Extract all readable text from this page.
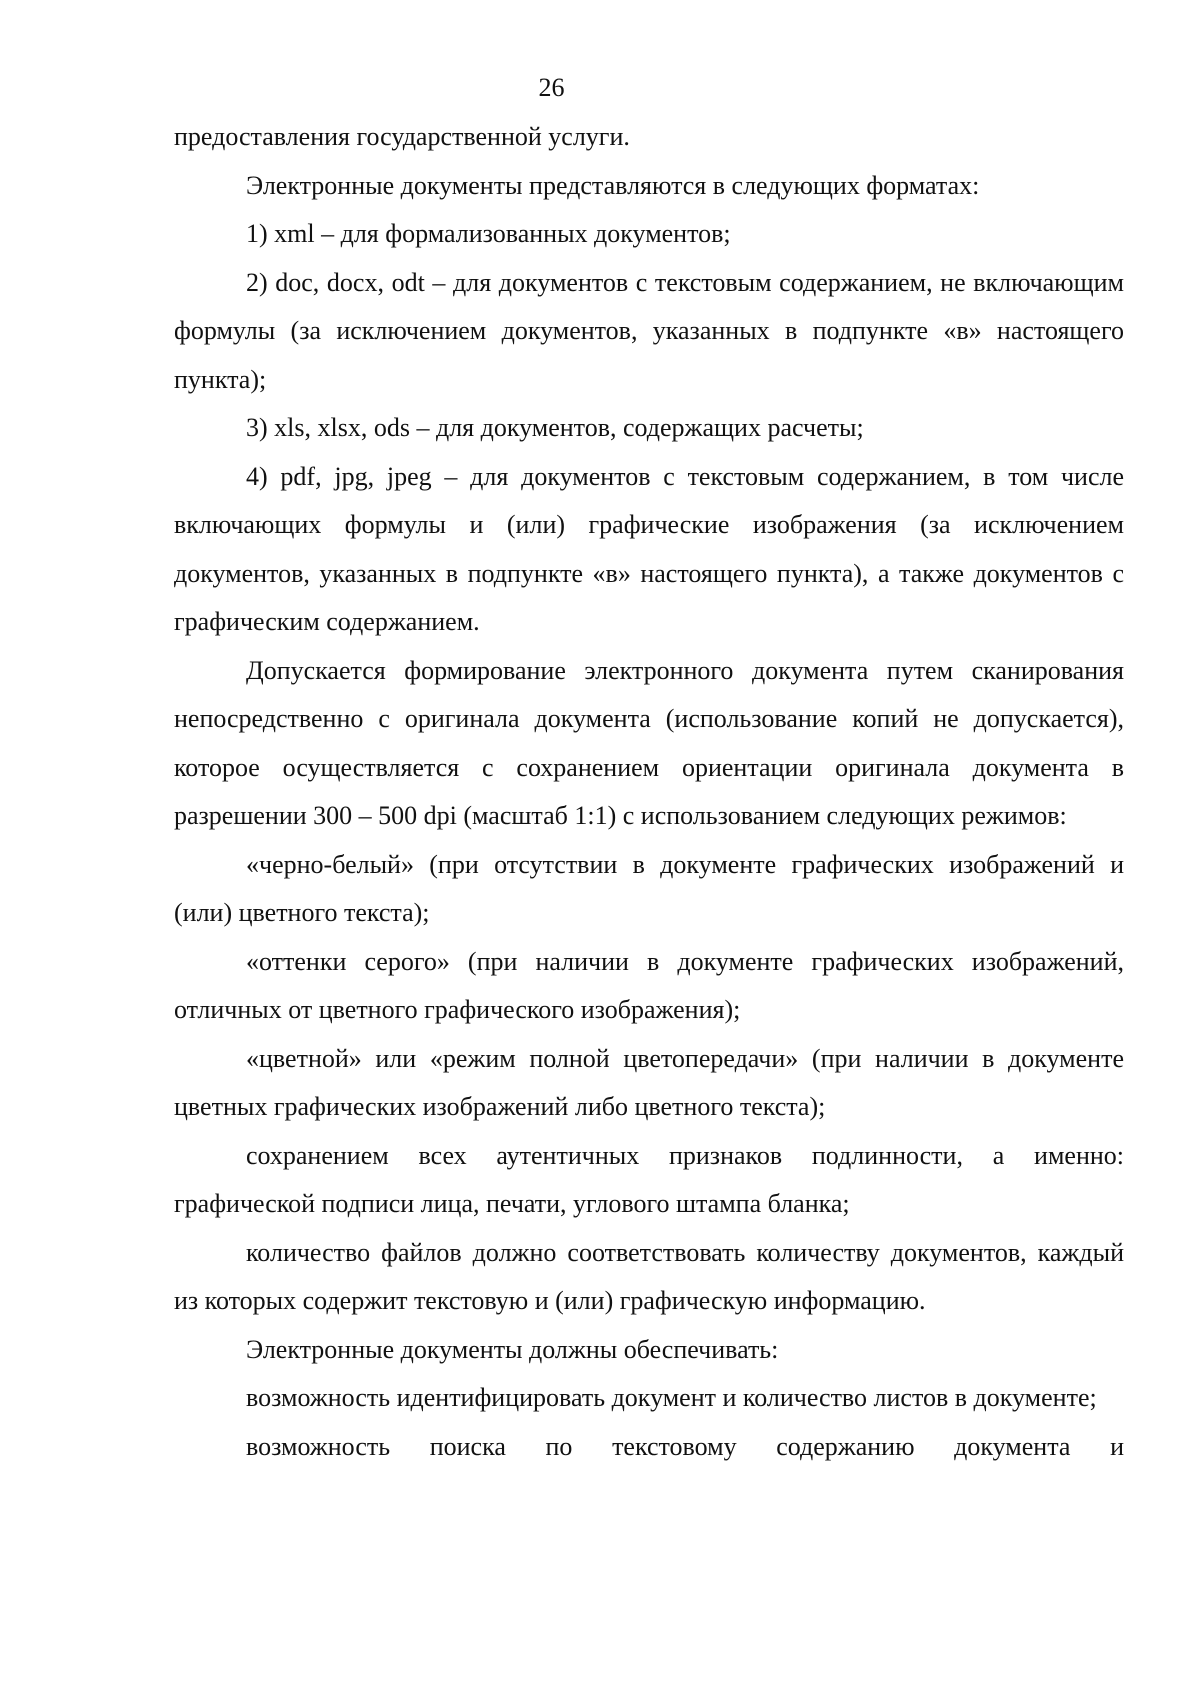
26

предоставления государственной услуги.

Электронные документы представляются в следующих форматах:

1) xml – для формализованных документов;

2) doc, docx, odt – для документов с текстовым содержанием, не включающим формулы (за исключением документов, указанных в подпункте «в» настоящего пункта);

3) xls, xlsx, ods – для документов, содержащих расчеты;

4) pdf, jpg, jpeg – для документов с текстовым содержанием, в том числе включающих формулы и (или) графические изображения (за исключением документов, указанных в подпункте «в» настоящего пункта), а также документов с графическим содержанием.

Допускается формирование электронного документа путем сканирования непосредственно с оригинала документа (использование копий не допускается), которое осуществляется с сохранением ориентации оригинала документа в разрешении 300 – 500 dpi (масштаб 1:1) с использованием следующих режимов:

«черно-белый» (при отсутствии в документе графических изображений и (или) цветного текста);

«оттенки серого» (при наличии в документе графических изображений, отличных от цветного графического изображения);

«цветной» или «режим полной цветопередачи» (при наличии в документе цветных графических изображений либо цветного текста);

сохранением всех аутентичных признаков подлинности, а именно: графической подписи лица, печати, углового штампа бланка;

количество файлов должно соответствовать количеству документов, каждый из которых содержит текстовую и (или) графическую информацию.

Электронные документы должны обеспечивать:

возможность идентифицировать документ и количество листов в документе;

возможность поиска по текстовому содержанию документа и
